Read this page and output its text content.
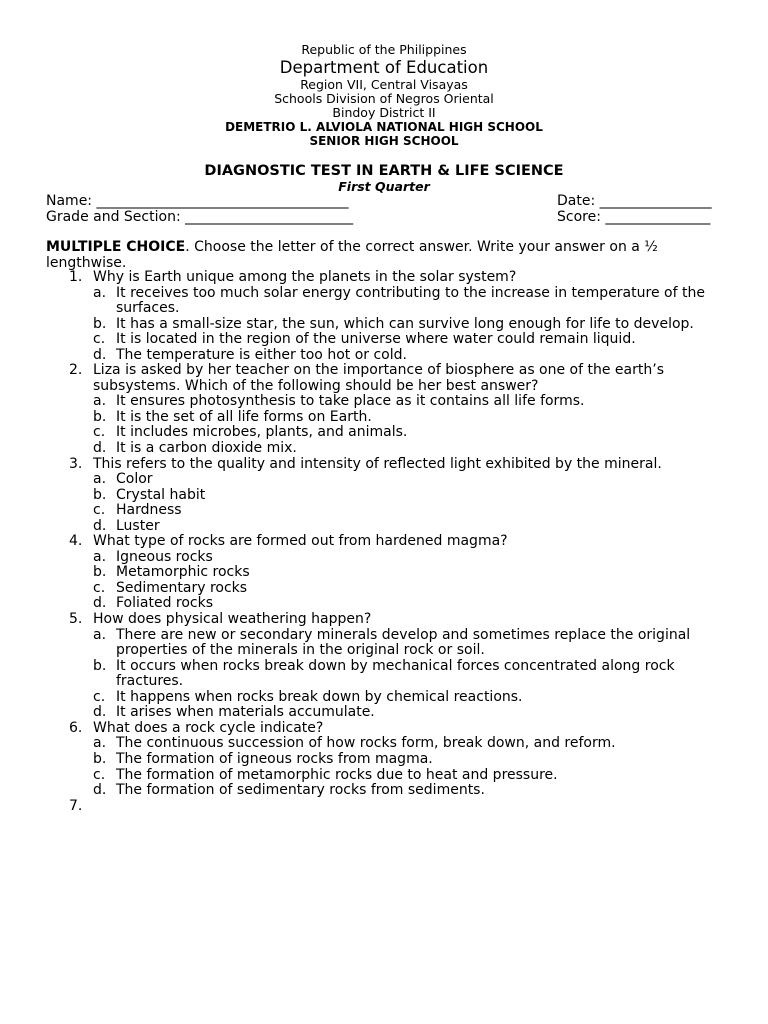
Republic of the Philippines
Department of Education
Region VII, Central Visayas
Schools Division of Negros Oriental
Bindoy District II
DEMETRIO L. ALVIOLA NATIONAL HIGH SCHOOL
SENIOR HIGH SCHOOL
DIAGNOSTIC TEST IN EARTH & LIFE SCIENCE
First Quarter
Name: ____________________________________	Date: ________________
Grade and Section: ________________________	Score: _______________
MULTIPLE CHOICE. Choose the letter of the correct answer. Write your answer on a ½ lengthwise.
1. Why is Earth unique among the planets in the solar system?
a. It receives too much solar energy contributing to the increase in temperature of the
surfaces.
b. It has a small-size star, the sun, which can survive long enough for life to develop.
c. It is located in the region of the universe where water could remain liquid.
d. The temperature is either too hot or cold.
2. Liza is asked by her teacher on the importance of biosphere as one of the earth’s
subsystems. Which of the following should be her best answer?
a. It ensures photosynthesis to take place as it contains all life forms.
b. It is the set of all life forms on Earth.
c. It includes microbes, plants, and animals.
d. It is a carbon dioxide mix.
3. This refers to the quality and intensity of reflected light exhibited by the mineral.
a. Color
b. Crystal habit
c. Hardness
d. Luster
4. What type of rocks are formed out from hardened magma?
a. Igneous rocks
b. Metamorphic rocks
c. Sedimentary rocks
d. Foliated rocks
5. How does physical weathering happen?
a. There are new or secondary minerals develop and sometimes replace the original
properties of the minerals in the original rock or soil.
b. It occurs when rocks break down by mechanical forces concentrated along rock
fractures.
c. It happens when rocks break down by chemical reactions.
d. It arises when materials accumulate.
6. What does a rock cycle indicate?
a. The continuous succession of how rocks form, break down, and reform.
b. The formation of igneous rocks from magma.
c. The formation of metamorphic rocks due to heat and pressure.
d. The formation of sedimentary rocks from sediments.
7.
